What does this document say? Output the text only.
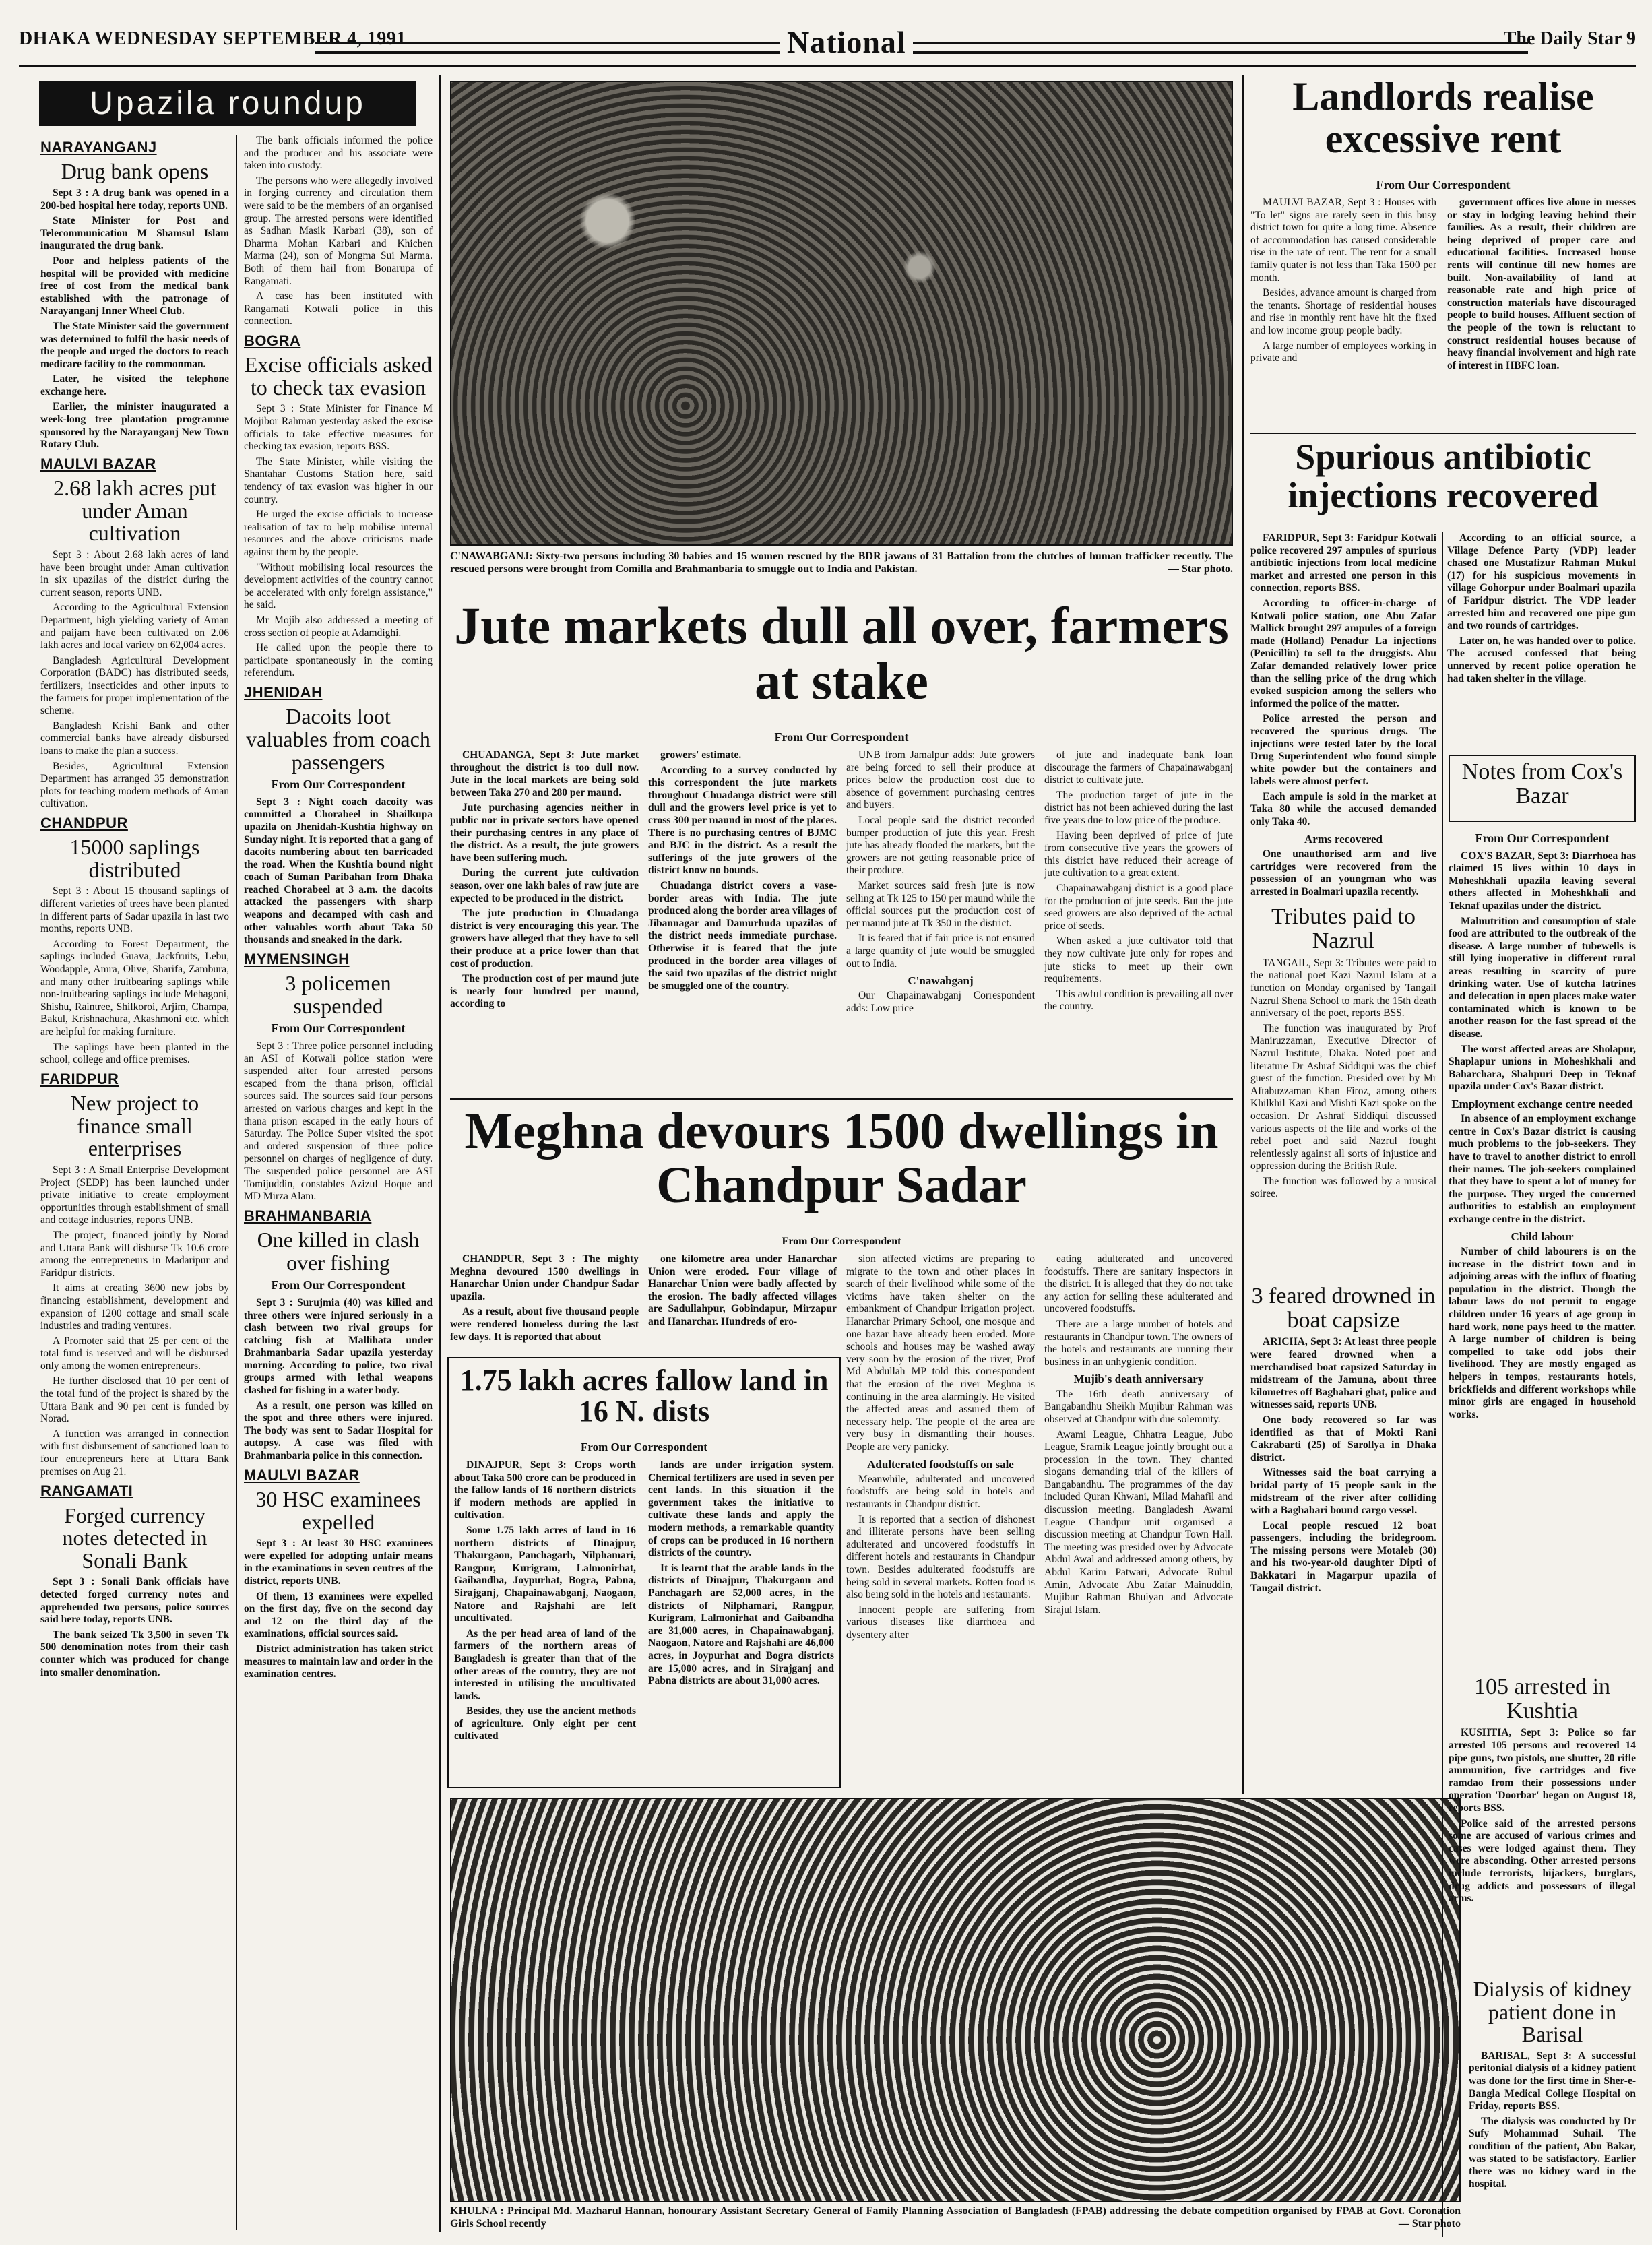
DHAKA WEDNESDAY SEPTEMBER 4, 1991	National	The Daily Star 9
Upazila roundup
NARAYANGANJ
Drug bank opens

Sept 3 : A drug bank was opened in a 200-bed hospital here today, reports UNB.

State Minister for Post and Telecommunication M Shamsul Islam inaugurated the drug bank.

Poor and helpless patients of the hospital will be provided with medicine free of cost from the medical bank established with the patronage of Narayanganj Inner Wheel Club.

The State Minister said the government was determined to fulfil the basic needs of the people and urged the doctors to reach medicare facility to the commonman.

Later, he visited the telephone exchange here.

Earlier, the minister inaugurated a week-long tree plantation programme sponsored by the Narayanganj New Town Rotary Club.

MAULVI BAZAR
2.68 lakh acres put under Aman cultivation

Sept 3 : About 2.68 lakh acres of land have been brought under Aman cultivation in six upazilas of the district during the current season, reports UNB.

According to the Agricultural Extension Department, high yielding variety of Aman and paijam have been cultivated on 2.06 lakh acres and local variety on 62,004 acres.

Bangladesh Agricultural Development Corporation (BADC) has distributed seeds, fertilizers, insecticides and other inputs to the farmers for proper implementation of the scheme.

Bangladesh Krishi Bank and other commercial banks have already disbursed loans to make the plan a success.

Besides, Agricultural Extension Department has arranged 35 demonstration plots for teaching modern methods of Aman cultivation.

CHANDPUR
15000 saplings distributed

Sept 3 : About 15 thousand saplings of different varieties of trees have been planted in different parts of Sadar upazila in last two months, reports UNB.

According to Forest Department, the saplings included Guava, Jackfruits, Lebu, Woodapple, Amra, Olive, Sharifa, Zambura, and many other fruitbearing saplings while non-fruitbearing saplings include Mehagoni, Shishu, Raintree, Shilkoroi, Arjim, Champa, Bakul, Krishnachura, Akashmoni etc. which are helpful for making furniture.

The saplings have been planted in the school, college and office premises.

FARIDPUR
New project to finance small enterprises

Sept 3 : A Small Enterprise Development Project (SEDP) has been launched under private initiative to create employment opportunities through establishment of small and cottage industries, reports UNB.

The project, financed jointly by Norad and Uttara Bank will disburse Tk 10.6 crore among the entrepreneurs in Madaripur and Faridpur districts.

It aims at creating 3600 new jobs by financing establishment, development and expansion of 1200 cottage and small scale industries and trading ventures.

A Promoter said that 25 per cent of the total fund is reserved and will be disbursed only among the women entrepreneurs.

He further disclosed that 10 per cent of the total fund of the project is shared by the Uttara Bank and 90 per cent is funded by Norad.

A function was arranged in connection with first disbursement of sanctioned loan to four entrepreneurs here at Uttara Bank premises on Aug 21.

RANGAMATI
Forged currency notes detected in Sonali Bank

Sept 3 : Sonali Bank officials have detected forged currency notes and apprehended two persons, police sources said here today, reports UNB.

The bank seized Tk 3,500 in seven Tk 500 denomination notes from their cash counter which was produced for change into smaller denomination.

The bank officials informed the police and the producer and his associate were taken into custody.

The persons who were allegedly involved in forging currency and circulation them were said to be the members of an organised group. The arrested persons were identified as Sadhan Masik Karbari (38), son of Dharma Mohan Karbari and Khichen Marma (24), son of Mongma Sui Marma. Both of them hail from Bonarupa of Rangamati.

A case has been instituted with Rangamati Kotwali police in this connection.

BOGRA
Excise officials asked to check tax evasion

Sept 3 : State Minister for Finance M Mojibor Rahman yesterday asked the excise officials to take effective measures for checking tax evasion, reports BSS.

The State Minister, while visiting the Shantahar Customs Station here, said tendency of tax evasion was higher in our country.

He urged the excise officials to increase realisation of tax to help mobilise internal resources and the above criticisms made against them by the people.

"Without mobilising local resources the development activities of the country cannot be accelerated with only foreign assistance," he said.

Mr Mojib also addressed a meeting of cross section of people at Adamdighi.

He called upon the people there to participate spontaneously in the coming referendum.

JHENIDAH
Dacoits loot valuables from coach passengers
From Our Correspondent

Sept 3 : Night coach dacoity was committed a Chorabeel in Shailkupa upazila on Jhenidah-Kushtia highway on Sunday night. It is reported that a gang of dacoits numbering about ten barricaded the road. When the Kushtia bound night coach of Suman Paribahan from Dhaka reached Chorabeel at 3 a.m. the dacoits attacked the passengers with sharp weapons and decamped with cash and other valuables worth about Taka 50 thousands and sneaked in the dark.

MYMENSINGH
3 policemen suspended
From Our Correspondent

Sept 3 : Three police personnel including an ASI of Kotwali police station were suspended after four arrested persons escaped from the thana prison, official sources said. The sources said four persons arrested on various charges and kept in the thana prison escaped in the early hours of Saturday. The Police Super visited the spot and ordered suspension of three police personnel on charges of negligence of duty. The suspended police personnel are ASI Tomijuddin, constables Azizul Hoque and MD Mirza Alam.

BRAHMANBARIA
One killed in clash over fishing
From Our Correspondent

Sept 3 : Surujmia (40) was killed and three others were injured seriously in a clash between two rival groups for catching fish at Mallihata under Brahmanbaria Sadar upazila yesterday morning. According to police, two rival groups armed with lethal weapons clashed for fishing in a water body.

As a result, one person was killed on the spot and three others were injured. The body was sent to Sadar Hospital for autopsy. A case was filed with Brahmanbaria police in this connection.

MAULVI BAZAR
30 HSC examinees expelled

Sept 3 : At least 30 HSC examinees were expelled for adopting unfair means in the examinations in seven centres of the district, reports UNB.

Of them, 13 examinees were expelled on the first day, five on the second day and 12 on the third day of the examinations, official sources said.

District administration has taken strict measures to maintain law and order in the examination centres.

C'NAWABGANJ: Sixty-two persons including 30 babies and 15 women rescued by the BDR jawans of 31 Battalion from the clutches of human trafficker recently. The rescued persons were brought from Comilla and Brahmanbaria to smuggle out to India and Pakistan.	— Star photo.
Jute markets dull all over, farmers at stake
From Our Correspondent

CHUADANGA, Sept 3: Jute market throughout the district is too dull now. Jute in the local markets are being sold between Taka 270 and 280 per maund.

Jute purchasing agencies neither in public nor in private sectors have opened their purchasing centres in any place of the district. As a result, the jute growers have been suffering much.

During the current jute cultivation season, over one lakh bales of raw jute are expected to be produced in the district.

The jute production in Chuadanga district is very encouraging this year. The growers have alleged that they have to sell their produce at a price lower than that cost of production.

The production cost of per maund jute is nearly four hundred per maund, according to

growers' estimate.

According to a survey conducted by this correspondent the jute markets throughout Chuadanga district were still dull and the growers level price is yet to cross 300 per maund in most of the places. There is no purchasing centres of BJMC and BJC in the district. As a result the sufferings of the jute growers of the district know no bounds.

Chuadanga district covers a vase-border areas with India. The jute produced along the border area villages of Jibannagar and Damurhuda upazilas of the district needs immediate purchase. Otherwise it is feared that the jute produced in the border area villages of the said two upazilas of the district might be smuggled one of the country.

UNB from Jamalpur adds: Jute growers are being forced to sell their produce at prices below the production cost due to absence of government purchasing centres and buyers.

Local people said the district recorded bumper production of jute this year. Fresh jute has already flooded the markets, but the growers are not getting reasonable price of their produce.

Market sources said fresh jute is now selling at Tk 125 to 150 per maund while the official sources put the production cost of per maund jute at Tk 350 in the district.

It is feared that if fair price is not ensured a large quantity of jute would be smuggled out to India.

C'nawabganj

Our Chapainawabganj Correspondent adds: Low price

of jute and inadequate bank loan discourage the farmers of Chapainawabganj district to cultivate jute.

The production target of jute in the district has not been achieved during the last five years due to low price of the produce.

Having been deprived of price of jute from consecutive five years the growers of this district have reduced their acreage of jute cultivation to a great extent.

Chapainawabganj district is a good place for the production of jute seeds. But the jute seed growers are also deprived of the actual price of seeds.

When asked a jute cultivator told that they now cultivate jute only for ropes and jute sticks to meet up their own requirements.

This awful condition is prevailing all over the country.

Meghna devours 1500 dwellings in Chandpur Sadar
From Our Correspondent

CHANDPUR, Sept 3 : The mighty Meghna devoured 1500 dwellings in Hanarchar Union under Chandpur Sadar upazila.

As a result, about five thousand people were rendered homeless during the last few days. It is reported that about

one kilometre area under Hanarchar Union were eroded. Four village of Hanarchar Union were badly affected by the erosion. The badly affected villages are Sadullahpur, Gobindapur, Mirzapur and Hanarchar. Hundreds of ero-

sion affected victims are preparing to migrate to the town and other places in search of their livelihood while some of the victims have taken shelter on the embankment of Chandpur Irrigation project. Hanarchar Primary School, one mosque and one bazar have already been eroded. More schools and houses may be washed away very soon by the erosion of the river, Prof Md Abdullah MP told this correspondent that the erosion of the river Meghna is continuing in the area alarmingly. He visited the affected areas and assured them of necessary help. The people of the area are very busy in dismantling their houses. People are very panicky.

Adulterated foodstuffs on sale

Meanwhile, adulterated and uncovered foodstuffs are being sold in hotels and restaurants in Chandpur district.

It is reported that a section of dishonest and illiterate persons have been selling adulterated and uncovered foodstuffs in different hotels and restaurants in Chandpur town. Besides adulterated foodstuffs are being sold in several markets. Rotten food is also being sold in the hotels and restaurants.

Innocent people are suffering from various diseases like diarrhoea and dysentery after

eating adulterated and uncovered foodstuffs. There are sanitary inspectors in the district. It is alleged that they do not take any action for selling these adulterated and uncovered foodstuffs.

There are a large number of hotels and restaurants in Chandpur town. The owners of the hotels and restaurants are running their business in an unhygienic condition.

Mujib's death anniversary

The 16th death anniversary of Bangabandhu Sheikh Mujibur Rahman was observed at Chandpur with due solemnity.

Awami League, Chhatra League, Jubo League, Sramik League jointly brought out a procession in the town. They chanted slogans demanding trial of the killers of Bangabandhu. The programmes of the day included Quran Khwani, Milad Mahafil and discussion meeting. Bangladesh Awami League Chandpur unit organised a discussion meeting at Chandpur Town Hall. The meeting was presided over by Advocate Abdul Awal and addressed among others, by Abdul Karim Patwari, Advocate Ruhul Amin, Advocate Abu Zafar Mainuddin, Mujibur Rahman Bhuiyan and Advocate Sirajul Islam.

1.75 lakh acres fallow land in 16 N. dists
From Our Correspondent

DINAJPUR, Sept 3: Crops worth about Taka 500 crore can be produced in the fallow lands of 16 northern districts if modern methods are applied in cultivation.

Some 1.75 lakh acres of land in 16 northern districts of Dinajpur, Thakurgaon, Panchagarh, Nilphamari, Rangpur, Kurigram, Lalmonirhat, Gaibandha, Joypurhat, Bogra, Pabna, Sirajganj, Chapainawabganj, Naogaon, Natore and Rajshahi are left uncultivated.

As the per head area of land of the farmers of the northern areas of Bangladesh is greater than that of the other areas of the country, they are not interested in utilising the uncultivated lands.

Besides, they use the ancient methods of agriculture. Only eight per cent cultivated

lands are under irrigation system. Chemical fertilizers are used in seven per cent lands. In this situation if the government takes the initiative to cultivate these lands and apply the modern methods, a remarkable quantity of crops can be produced in 16 northern districts of the country.

It is learnt that the arable lands in the districts of Dinajpur, Thakurgaon and Panchagarh are 52,000 acres, in the districts of Nilphamari, Rangpur, Kurigram, Lalmonirhat and Gaibandha are 31,000 acres, in Chapainawabganj, Naogaon, Natore and Rajshahi are 46,000 acres, in Joypurhat and Bogra districts are 15,000 acres, and in Sirajganj and Pabna districts are about 31,000 acres.

KHULNA : Principal Md. Mazharul Hannan, honourary Assistant Secretary General of Family Planning Association of Bangladesh (FPAB) addressing the debate competition organised by FPAB at Govt. Coronation Girls School recently	— Star photo
Landlords realise excessive rent
From Our Correspondent

MAULVI BAZAR, Sept 3 : Houses with "To let" signs are rarely seen in this busy district town for quite a long time. Absence of accommodation has caused considerable rise in the rate of rent. The rent for a small family quater is not less than Taka 1500 per month.

Besides, advance amount is charged from the tenants. Shortage of residential houses and rise in monthly rent have hit the fixed and low income group people badly.

A large number of employees working in private and

government offices live alone in messes or stay in lodging leaving behind their families. As a result, their children are being deprived of proper care and educational facilities. Increased house rents will continue till new homes are built. Non-availability of land at reasonable rate and high price of construction materials have discouraged people to build houses. Affluent section of the people of the town is reluctant to construct residential houses because of heavy financial involvement and high rate of interest in HBFC loan.

Spurious antibiotic injections recovered

FARIDPUR, Sept 3: Faridpur Kotwali police recovered 297 ampules of spurious antibiotic injections from local medicine market and arrested one person in this connection, reports BSS.

According to officer-in-charge of Kotwali police station, one Abu Zafar Mallick brought 297 ampules of a foreign made (Holland) Penadur La injections (Penicillin) to sell to the druggists. Abu Zafar demanded relatively lower price than the selling price of the drug which evoked suspicion among the sellers who informed the police of the matter.

Police arrested the person and recovered the spurious drugs. The injections were tested later by the local Drug Superintendent who found simple white powder but the containers and labels were almost perfect.

Each ampule is sold in the market at Taka 80 while the accused demanded only Taka 40.

Arms recovered

One unauthorised arm and live cartridges were recovered from the possession of an youngman who was arrested in Boalmari upazila recently.

Tributes paid to Nazrul

TANGAIL, Sept 3: Tributes were paid to the national poet Kazi Nazrul Islam at a function on Monday organised by Tangail Nazrul Shena School to mark the 15th death anniversary of the poet, reports BSS.

The function was inaugurated by Prof Maniruzzaman, Executive Director of Nazrul Institute, Dhaka. Noted poet and literature Dr Ashraf Siddiqui was the chief guest of the function. Presided over by Mr Aftabuzzaman Khan Firoz, among others Khilkhil Kazi and Mishti Kazi spoke on the occasion. Dr Ashraf Siddiqui discussed various aspects of the life and works of the rebel poet and said Nazrul fought relentlessly against all sorts of injustice and oppression during the British Rule.

The function was followed by a musical soiree.

According to an official source, a Village Defence Party (VDP) leader chased one Mustafizur Rahman Mukul (17) for his suspicious movements in village Gohorpur under Boalmari upazila of Faridpur district. The VDP leader arrested him and recovered one pipe gun and two rounds of cartridges.

Later on, he was handed over to police. The accused confessed that being unnerved by recent police operation he had taken shelter in the village.

3 feared drowned in boat capsize

ARICHA, Sept 3: At least three people were feared drowned when a merchandised boat capsized Saturday in midstream of the Jamuna, about three kilometres off Baghabari ghat, police and witnesses said, reports UNB.

One body recovered so far was identified as that of Mokti Rani Cakrabarti (25) of Sarollya in Dhaka district.

Witnesses said the boat carrying a bridal party of 15 people sank in the midstream of the river after colliding with a Baghabari bound cargo vessel.

Local people rescued 12 boat passengers, including the bridegroom. The missing persons were Motaleb (30) and his two-year-old daughter Dipti of Bakkatari in Magarpur upazila of Tangail district.

Notes from Cox's Bazar
From Our Correspondent

COX'S BAZAR, Sept 3: Diarrhoea has claimed 15 lives within 10 days in Moheshkhali upazila leaving several others affected in Moheshkhali and Teknaf upazilas under the district.

Malnutrition and consumption of stale food are attributed to the outbreak of the disease. A large number of tubewells is still lying inoperative in different rural areas resulting in scarcity of pure drinking water. Use of kutcha latrines and defecation in open places make water contaminated which is known to be another reason for the fast spread of the disease.

The worst affected areas are Sholapur, Shaplapur unions in Moheshkhali and Baharchara, Shahpuri Deep in Teknaf upazila under Cox's Bazar district.

Employment exchange centre needed

In absence of an employment exchange centre in Cox's Bazar district is causing much problems to the job-seekers. They have to travel to another district to enroll their names. The job-seekers complained that they have to spent a lot of money for the purpose. They urged the concerned authorities to establish an employment exchange centre in the district.

Child labour

Number of child labourers is on the increase in the district town and in adjoining areas with the influx of floating population in the district. Though the labour laws do not permit to engage children under 16 years of age group in hard work, none pays heed to the matter. A large number of children is being compelled to take odd jobs their livelihood. They are mostly engaged as helpers in tempos, restaurants hotels, brickfields and different workshops while minor girls are engaged in household works.

105 arrested in Kushtia

KUSHTIA, Sept 3: Police so far arrested 105 persons and recovered 14 pipe guns, two pistols, one shutter, 20 rifle ammunition, five cartridges and five ramdao from their possessions under operation 'Doorbar' began on August 18, reports BSS.

Police said of the arrested persons some are accused of various crimes and cases were lodged against them. They were absconding. Other arrested persons include terrorists, hijackers, burglars, drug addicts and possessors of illegal arms.

Dialysis of kidney patient done in Barisal

BARISAL, Sept 3: A successful peritonial dialysis of a kidney patient was done for the first time in Sher-e-Bangla Medical College Hospital on Friday, reports BSS.

The dialysis was conducted by Dr Sufy Mohammad Suhail. The condition of the patient, Abu Bakar, was stated to be satisfactory. Earlier there was no kidney ward in the hospital.
